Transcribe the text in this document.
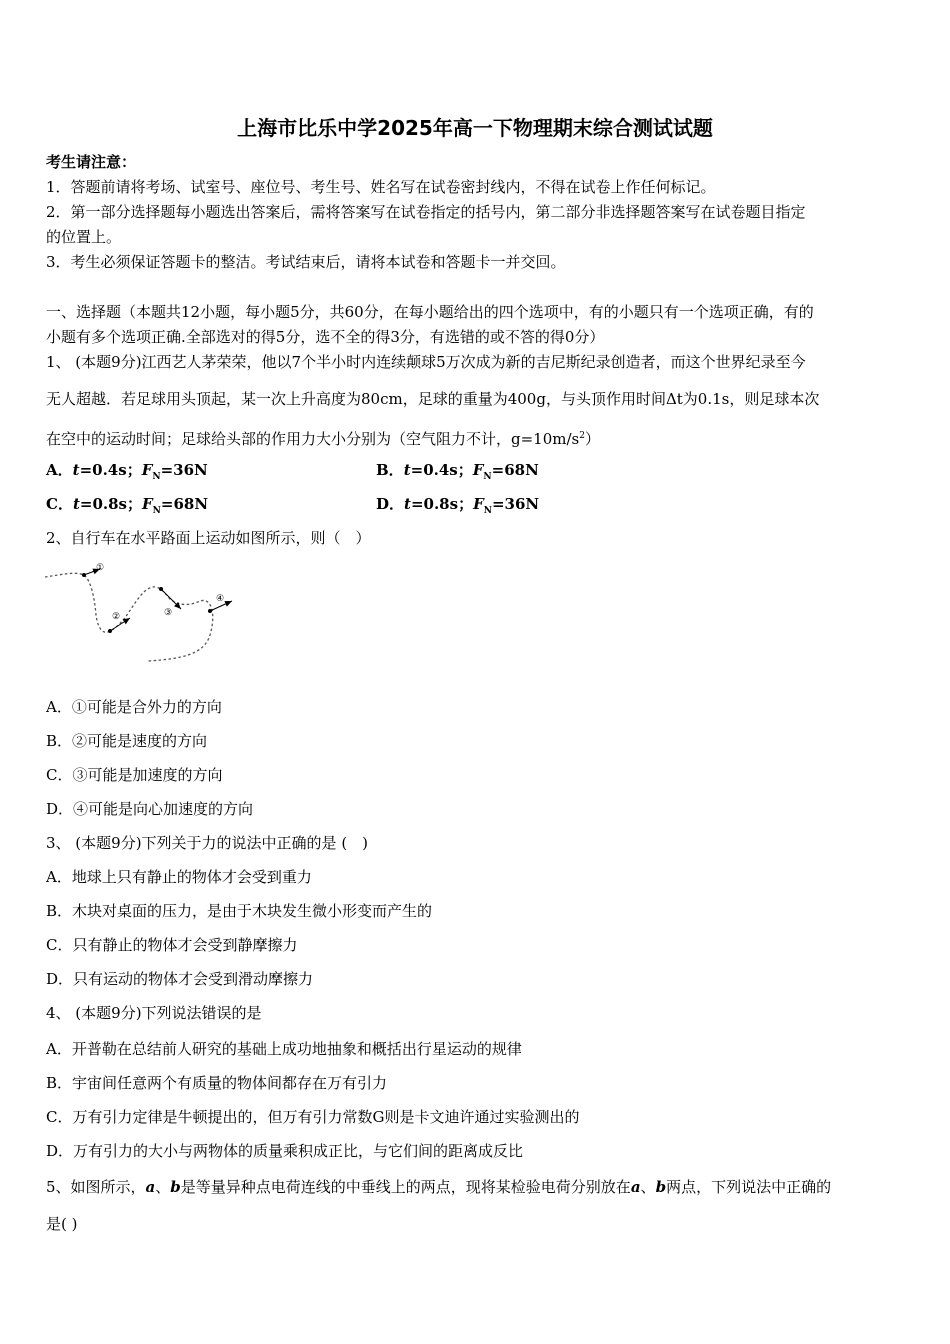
上海市比乐中学2025年高一下物理期末综合测试试题
考生请注意：
1．答题前请将考场、试室号、座位号、考生号、姓名写在试卷密封线内，不得在试卷上作任何标记。
2．第一部分选择题每小题选出答案后，需将答案写在试卷指定的括号内，第二部分非选择题答案写在试卷题目指定
的位置上。
3．考生必须保证答题卡的整洁。考试结束后，请将本试卷和答题卡一并交回。
一、选择题（本题共12小题，每小题5分，共60分，在每小题给出的四个选项中，有的小题只有一个选项正确，有的
小题有多个选项正确.全部选对的得5分，选不全的得3分，有选错的或不答的得0分）
1、 (本题9分)江西艺人茅荣荣，他以7个半小时内连续颠球5万次成为新的吉尼斯纪录创造者，而这个世界纪录至今
无人超越．若足球用头顶起，某一次上升高度为80cm，足球的重量为400g，与头顶作用时间Δt为0.1s，则足球本次
在空中的运动时间；足球给头部的作用力大小分别为（空气阻力不计，$g=10m/s^2$）
A．t=0.4s；$F_N=36N$	B．t=0.4s；$F_N=68N$
C．t=0.8s；$F_N=68N$	D．t=0.8s；$F_N=36N$
2、自行车在水平路面上运动如图所示，则（　）
①
②	③
④
A．①可能是合外力的方向
B．②可能是速度的方向
C．③可能是加速度的方向
D．④可能是向心加速度的方向
3、 (本题9分)下列关于力的说法中正确的是 (　)
A．地球上只有静止的物体才会受到重力
B．木块对桌面的压力，是由于木块发生微小形变而产生的
C．只有静止的物体才会受到静摩擦力
D．只有运动的物体才会受到滑动摩擦力
4、 (本题9分)下列说法错误的是
A．开普勒在总结前人研究的基础上成功地抽象和概括出行星运动的规律
B．宇宙间任意两个有质量的物体间都存在万有引力
C．万有引力定律是牛顿提出的，但万有引力常数G则是卡文迪许通过实验测出的
D．万有引力的大小与两物体的质量乘积成正比，与它们间的距离成反比
5、如图所示，a、b是等量异种点电荷连线的中垂线上的两点，现将某检验电荷分别放在a、b两点，下列说法中正确的
是( )
